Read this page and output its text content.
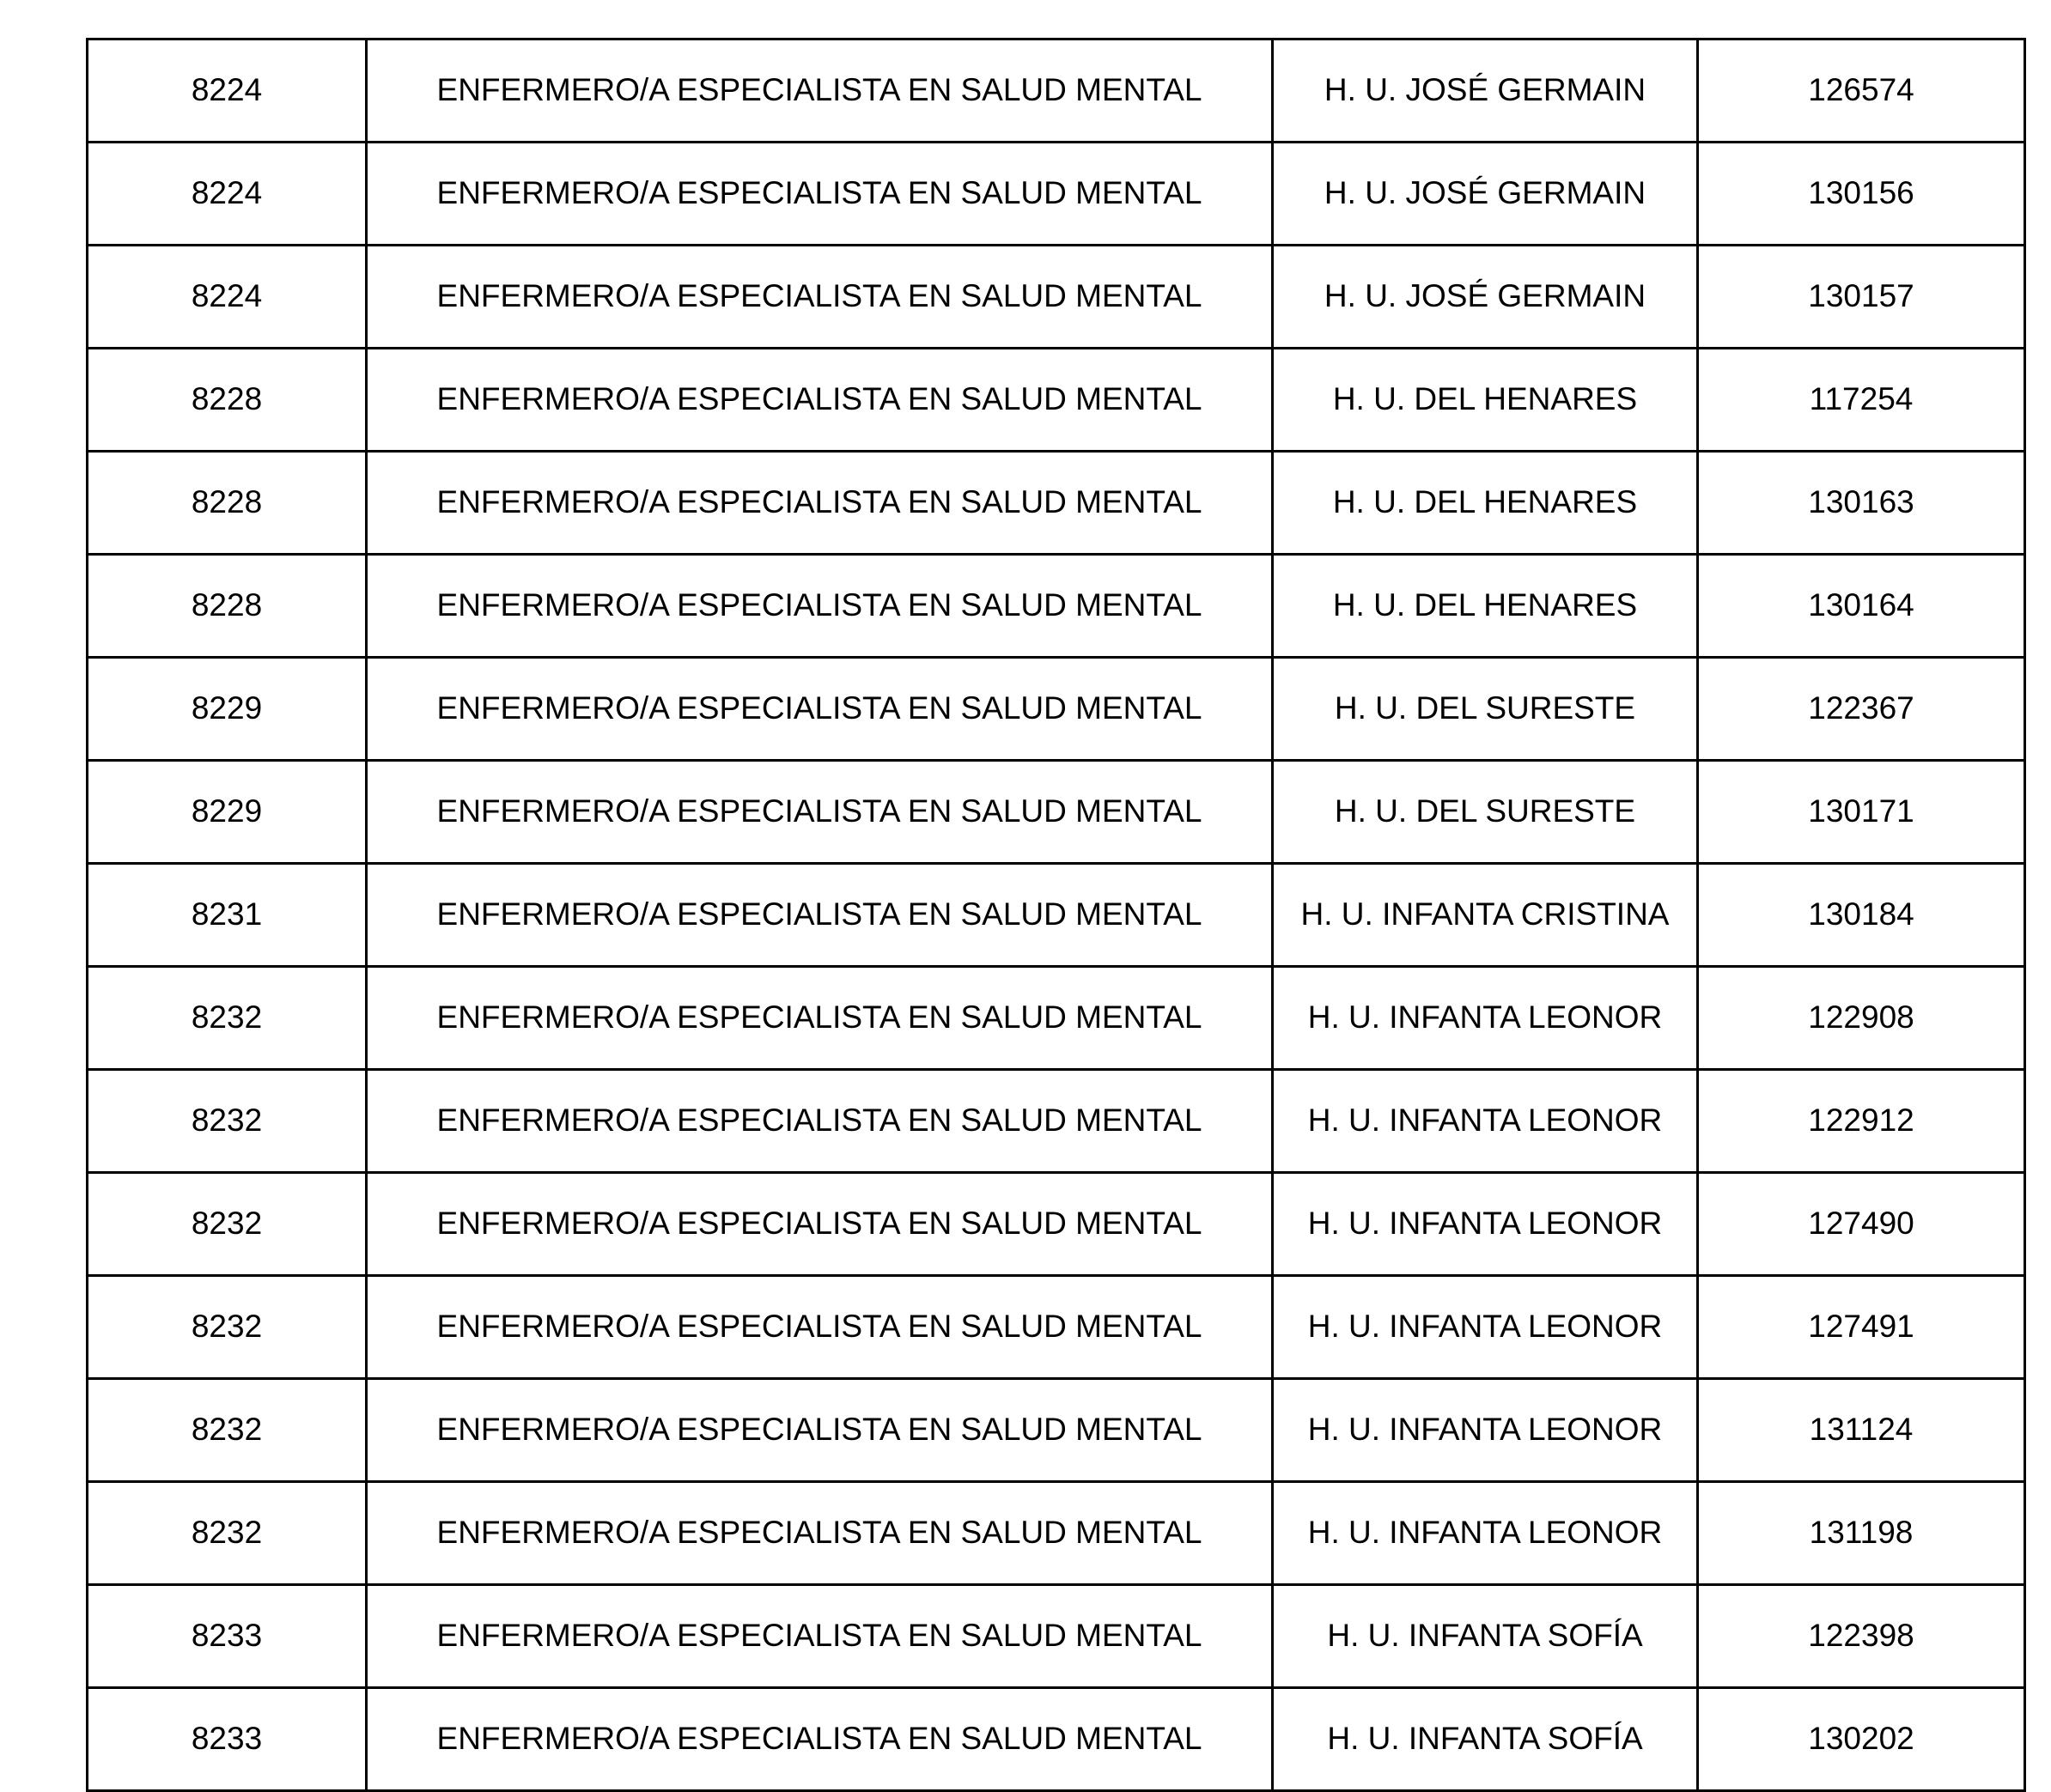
8224	ENFERMERO/A ESPECIALISTA EN SALUD MENTAL	H. U. JOSÉ GERMAIN	126574
8224	ENFERMERO/A ESPECIALISTA EN SALUD MENTAL	H. U. JOSÉ GERMAIN	130156
8224	ENFERMERO/A ESPECIALISTA EN SALUD MENTAL	H. U. JOSÉ GERMAIN	130157
8228	ENFERMERO/A ESPECIALISTA EN SALUD MENTAL	H. U. DEL HENARES	117254
8228	ENFERMERO/A ESPECIALISTA EN SALUD MENTAL	H. U. DEL HENARES	130163
8228	ENFERMERO/A ESPECIALISTA EN SALUD MENTAL	H. U. DEL HENARES	130164
8229	ENFERMERO/A ESPECIALISTA EN SALUD MENTAL	H. U. DEL SURESTE	122367
8229	ENFERMERO/A ESPECIALISTA EN SALUD MENTAL	H. U. DEL SURESTE	130171
8231	ENFERMERO/A ESPECIALISTA EN SALUD MENTAL	H. U. INFANTA CRISTINA	130184
8232	ENFERMERO/A ESPECIALISTA EN SALUD MENTAL	H. U. INFANTA LEONOR	122908
8232	ENFERMERO/A ESPECIALISTA EN SALUD MENTAL	H. U. INFANTA LEONOR	122912
8232	ENFERMERO/A ESPECIALISTA EN SALUD MENTAL	H. U. INFANTA LEONOR	127490
8232	ENFERMERO/A ESPECIALISTA EN SALUD MENTAL	H. U. INFANTA LEONOR	127491
8232	ENFERMERO/A ESPECIALISTA EN SALUD MENTAL	H. U. INFANTA LEONOR	131124
8232	ENFERMERO/A ESPECIALISTA EN SALUD MENTAL	H. U. INFANTA LEONOR	131198
8233	ENFERMERO/A ESPECIALISTA EN SALUD MENTAL	H. U. INFANTA SOFÍA	122398
8233	ENFERMERO/A ESPECIALISTA EN SALUD MENTAL	H. U. INFANTA SOFÍA	130202
